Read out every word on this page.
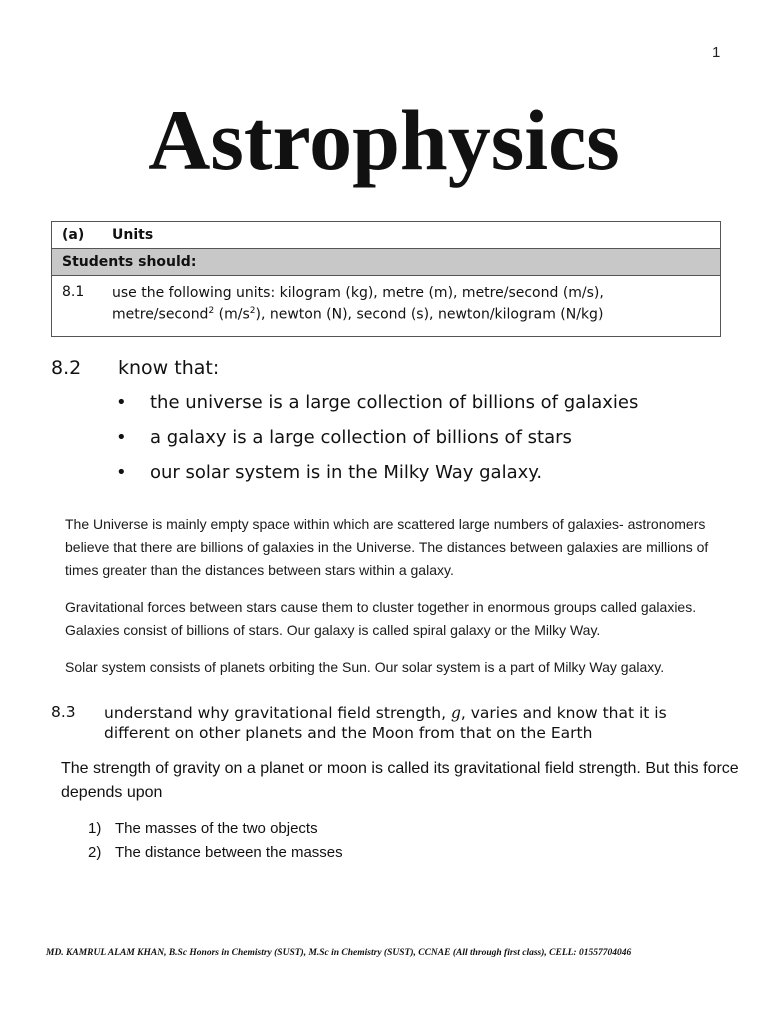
1
Astrophysics
(a) Units
Students should:
8.1 use the following units: kilogram (kg), metre (m), metre/second (m/s),
metre/second$^2$ $(m/s^2)$, newton (N), second (s), newton/kilogram (N/kg)
8.2 know that:
• the universe is a large collection of billions of galaxies
• a galaxy is a large collection of billions of stars
• our solar system is in the Milky Way galaxy.
The Universe is mainly empty space within which are scattered large numbers of galaxies- astronomers believe that there are billions of galaxies in the Universe. The distances between galaxies are millions of times greater than the distances between stars within a galaxy.
Gravitational forces between stars cause them to cluster together in enormous groups called galaxies. Galaxies consist of billions of stars. Our galaxy is called spiral galaxy or the Milky Way.
Solar system consists of planets orbiting the Sun. Our solar system is a part of Milky Way galaxy.
8.3 understand why gravitational field strength, g, varies and know that it is different on other planets and the Moon from that on the Earth
The strength of gravity on a planet or moon is called its gravitational field strength. But this force depends upon
1) The masses of the two objects
2) The distance between the masses
MD. KAMRUL ALAM KHAN, B.Sc Honors in Chemistry (SUST), M.Sc in Chemistry (SUST), CCNAE (All through first class), CELL: 01557704046
